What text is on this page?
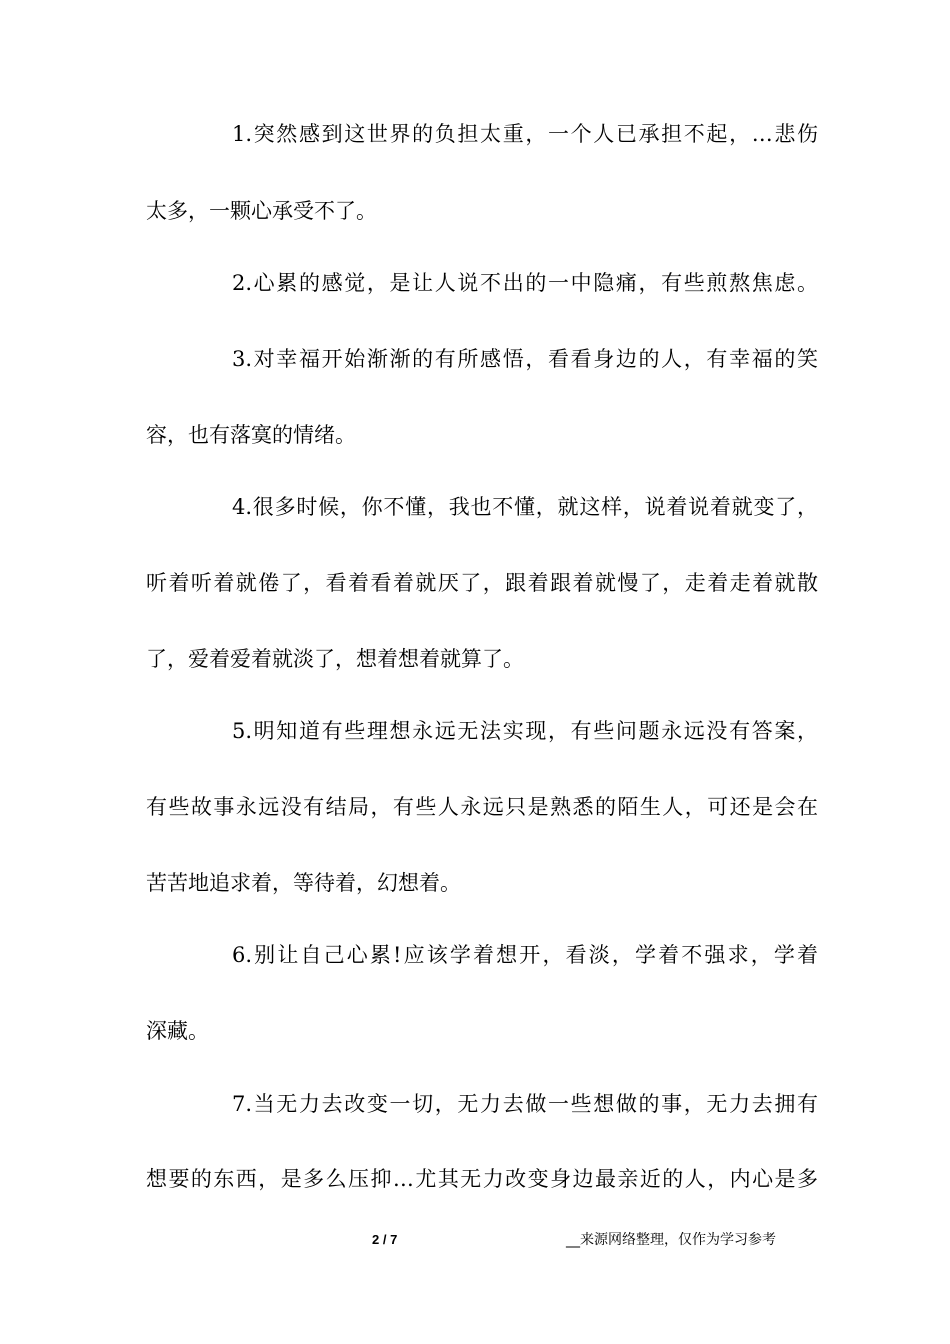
1.突然感到这世界的负担太重，一个人已承担不起，…悲伤
太多，一颗心承受不了。
2.心累的感觉，是让人说不出的一中隐痛，有些煎熬焦虑。
3.对幸福开始渐渐的有所感悟，看看身边的人，有幸福的笑
容，也有落寞的情绪。
4.很多时候，你不懂，我也不懂，就这样，说着说着就变了，
听着听着就倦了，看着看着就厌了，跟着跟着就慢了，走着走着就散
了，爱着爱着就淡了，想着想着就算了。
5.明知道有些理想永远无法实现，有些问题永远没有答案，
有些故事永远没有结局，有些人永远只是熟悉的陌生人，可还是会在
苦苦地追求着，等待着，幻想着。
6.别让自己心累!应该学着想开，看淡，学着不强求，学着
深藏。
7.当无力去改变一切，无力去做一些想做的事，无力去拥有
想要的东西，是多么压抑…尤其无力改变身边最亲近的人，内心是多
2 / 7	__来源网络整理，仅作为学习参考
